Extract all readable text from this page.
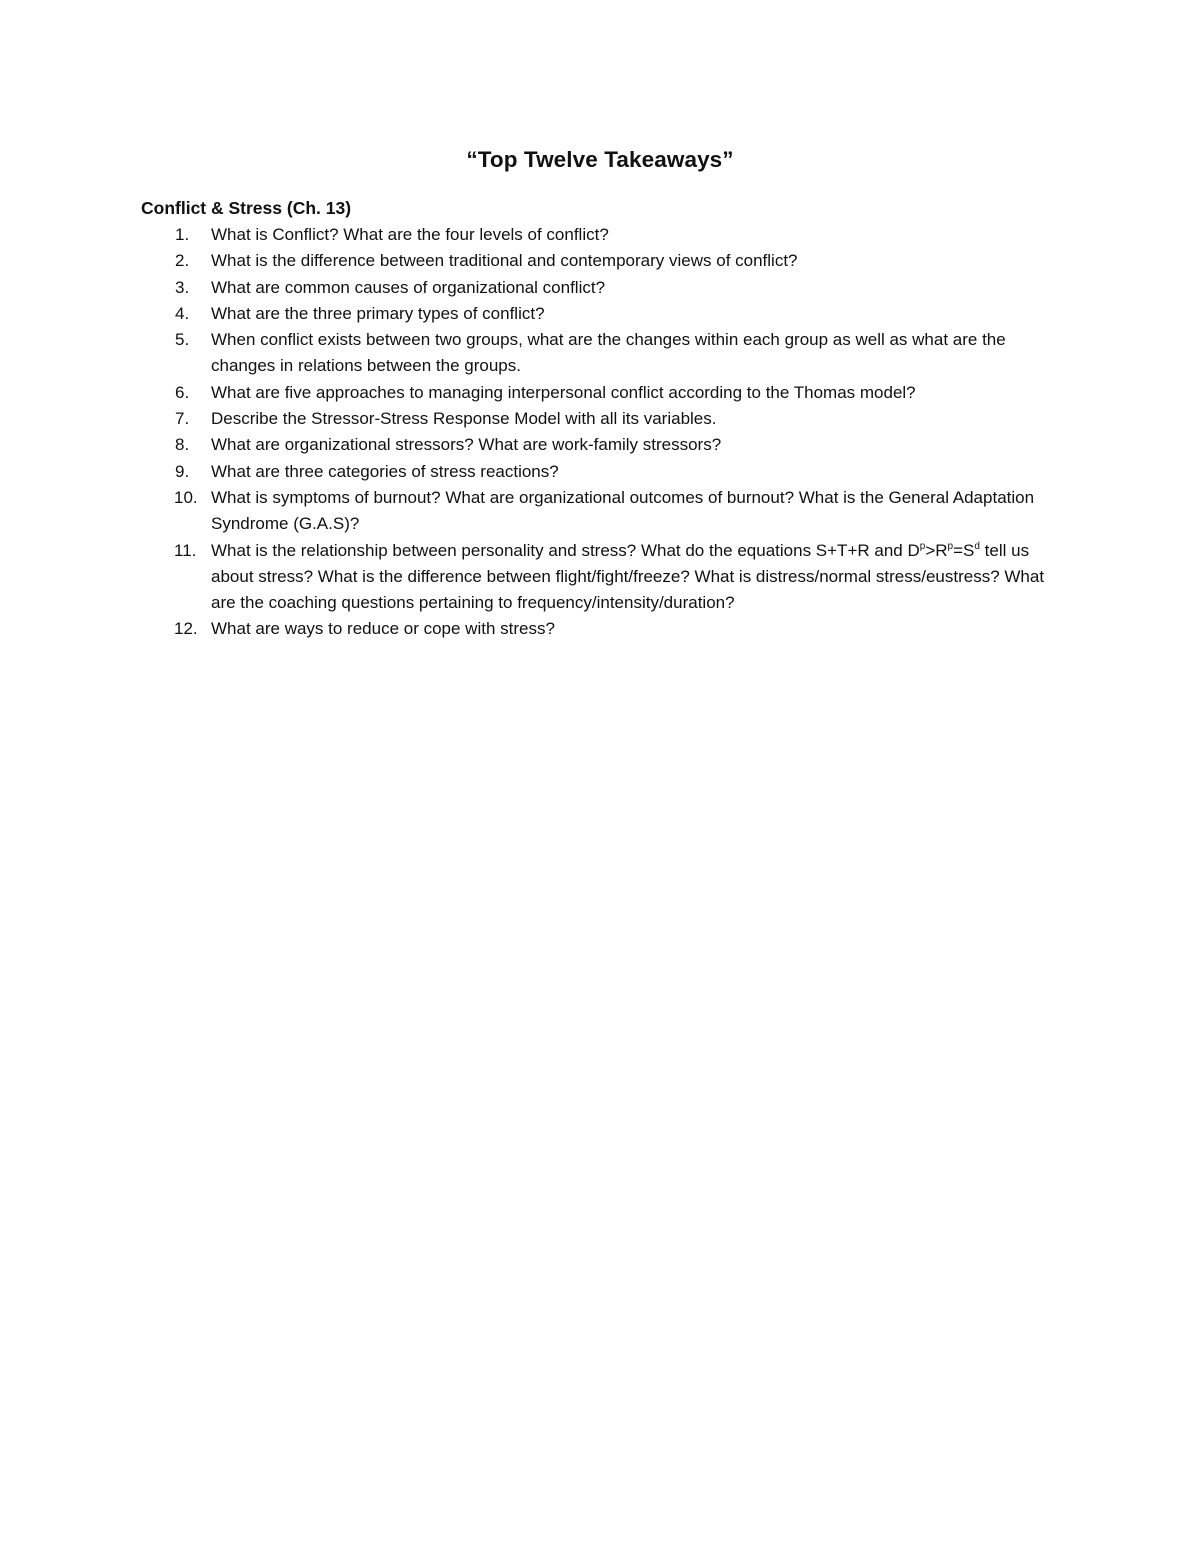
“Top Twelve Takeaways”
Conflict & Stress (Ch. 13)
1.	What is Conflict? What are the four levels of conflict?
2.	What is the difference between traditional and contemporary views of conflict?
3.	What are common causes of organizational conflict?
4.	What are the three primary types of conflict?
5.	When conflict exists between two groups, what are the changes within each group as well as what are the changes in relations between the groups.
6.	What are five approaches to managing interpersonal conflict according to the Thomas model?
7.	Describe the Stressor-Stress Response Model with all its variables.
8.	What are organizational stressors? What are work-family stressors?
9.	What are three categories of stress reactions?
10. What is symptoms of burnout? What are organizational outcomes of burnout? What is the General Adaptation Syndrome (G.A.S)?
11. What is the relationship between personality and stress? What do the equations S+T+R and $D^p>R^p=S^d$ tell us about stress? What is the difference between flight/fight/freeze? What is distress/normal stress/eustress? What are the coaching questions pertaining to frequency/intensity/duration?
12. What are ways to reduce or cope with stress?
